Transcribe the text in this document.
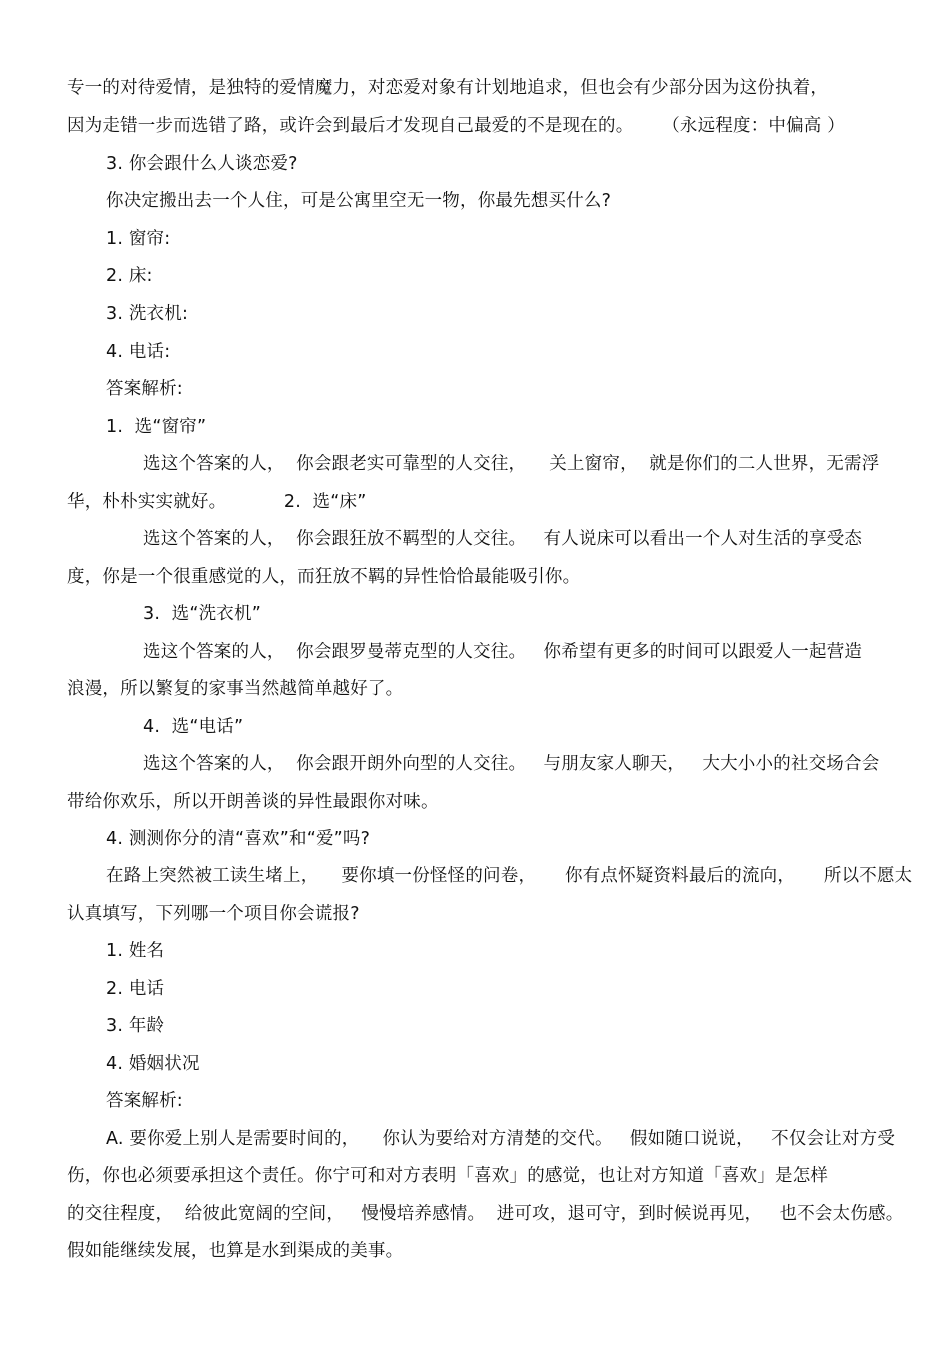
专一的对待爱情，是独特的爱情魔力，对恋爱对象有计划地追求，但也会有少部分因为这份执着，
因为走错一步而选错了路，或许会到最后才发现自己最爱的不是现在的。     （永远程度：中偏高 ）
3. 你会跟什么人谈恋爱?
你决定搬出去一个人住，可是公寓里空无一物，你最先想买什么?
1. 窗帘:
2. 床:
3. 洗衣机:
4. 电话:
答案解析:
1.  选“窗帘”
选这个答案的人，  你会跟老实可靠型的人交往，    关上窗帘，  就是你们的二人世界，无需浮
华，朴朴实实就好。          2.  选“床”
选这个答案的人，  你会跟狂放不羁型的人交往。   有人说床可以看出一个人对生活的享受态
度，你是一个很重感觉的人，而狂放不羁的异性恰恰最能吸引你。
3.  选“洗衣机”
选这个答案的人，  你会跟罗曼蒂克型的人交往。   你希望有更多的时间可以跟爱人一起营造
浪漫，所以繁复的家事当然越简单越好了。
4.  选“电话”
选这个答案的人，  你会跟开朗外向型的人交往。   与朋友家人聊天，   大大小小的社交场合会
带给你欢乐，所以开朗善谈的异性最跟你对味。
4. 测测你分的清“喜欢”和“爱”吗?
在路上突然被工读生堵上，    要你填一份怪怪的问卷，     你有点怀疑资料最后的流向，     所以不愿太
认真填写，下列哪一个项目你会谎报?
1. 姓名
2. 电话
3. 年龄
4. 婚姻状况
答案解析:
A. 要你爱上别人是需要时间的，    你认为要给对方清楚的交代。   假如随口说说，   不仅会让对方受
伤，你也必须要承担这个责任。你宁可和对方表明「喜欢」的感觉，也让对方知道「喜欢」是怎样
的交往程度，  给彼此宽阔的空间，   慢慢培养感情。  进可攻，退可守，到时候说再见，   也不会太伤感。
假如能继续发展，也算是水到渠成的美事。
